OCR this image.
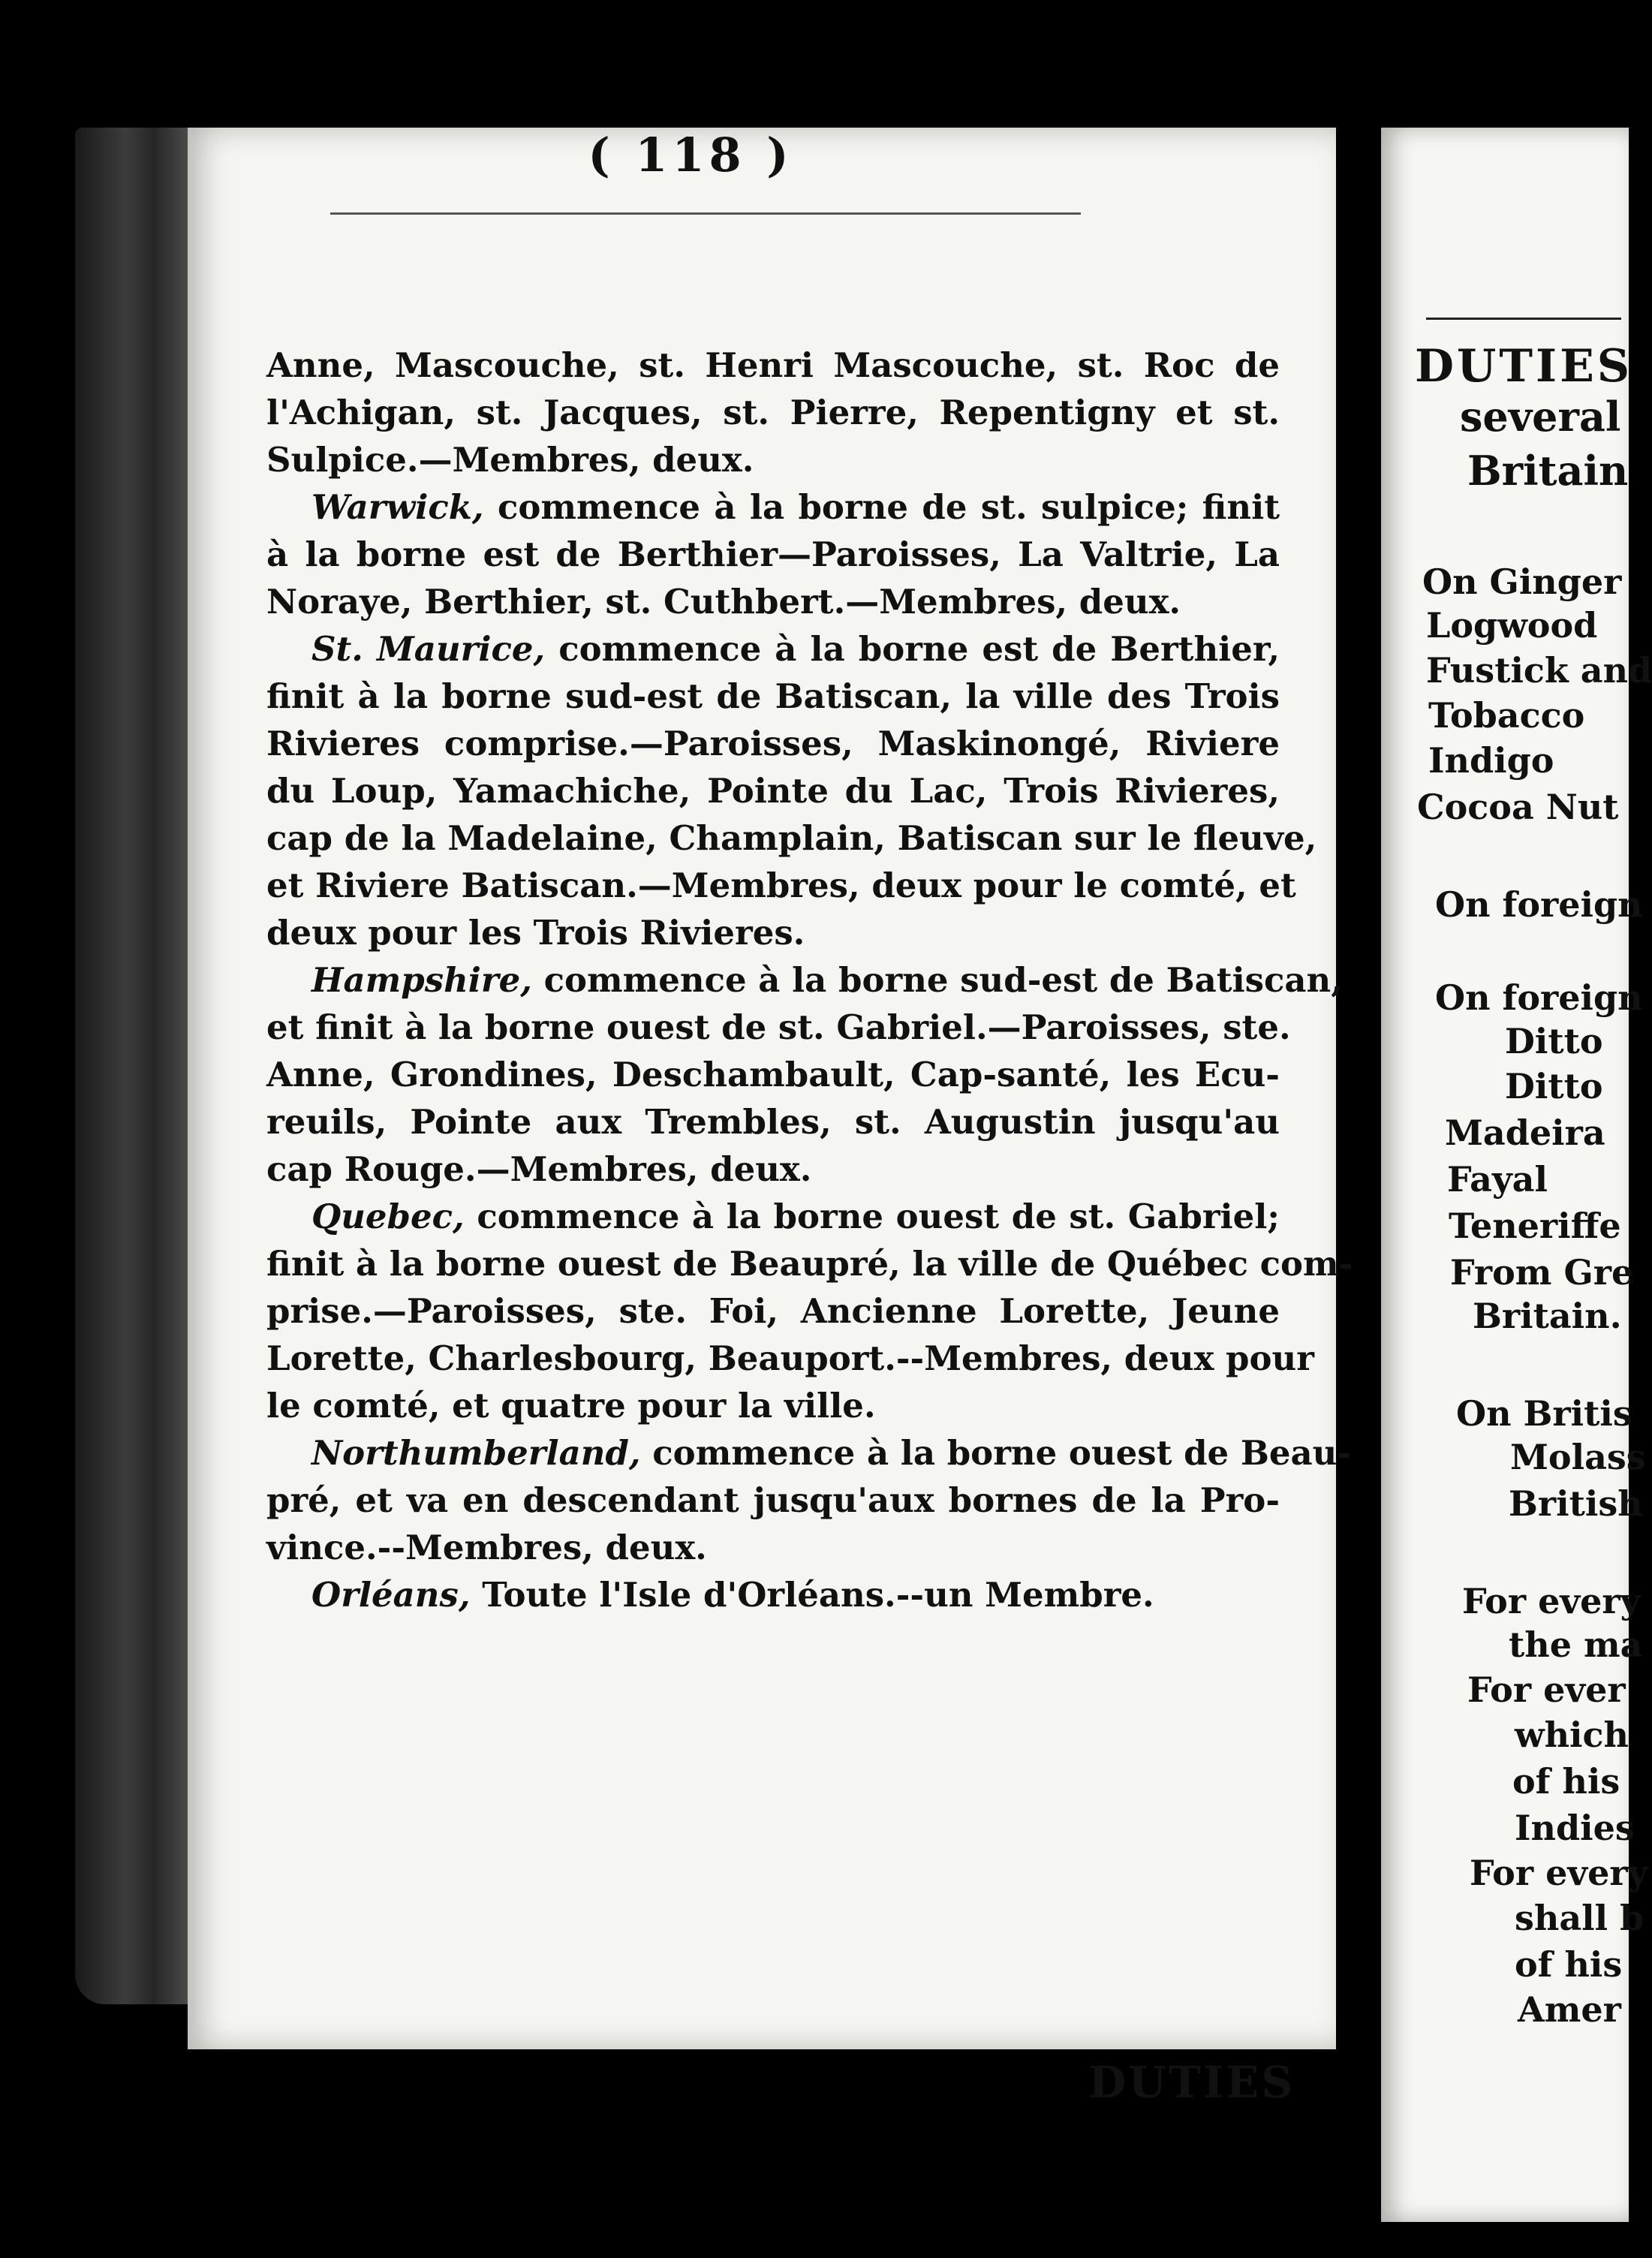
( 118 )
Anne, Mascouche, st. Henri Mascouche, st. Roc de
l'Achigan, st. Jacques, st. Pierre, Repentigny et st.
Sulpice.—Membres, deux.
Warwick, commence à la borne de st. sulpice; finit
à la borne est de Berthier—Paroisses, La Valtrie, La
Noraye, Berthier, st. Cuthbert.—Membres, deux.
St. Maurice, commence à la borne est de Berthier,
finit à la borne sud-est de Batiscan, la ville des Trois
Rivieres comprise.—Paroisses, Maskinongé, Riviere
du Loup, Yamachiche, Pointe du Lac, Trois Rivieres,
cap de la Madelaine, Champlain, Batiscan sur le fleuve,
et Riviere Batiscan.—Membres, deux pour le comté, et
deux pour les Trois Rivieres.
Hampshire, commence à la borne sud-est de Batiscan,
et finit à la borne ouest de st. Gabriel.—Paroisses, ste.
Anne, Grondines, Deschambault, Cap-santé, les Ecu-
reuils, Pointe aux Trembles, st. Augustin jusqu'au
cap Rouge.—Membres, deux.
Quebec, commence à la borne ouest de st. Gabriel;
finit à la borne ouest de Beaupré, la ville de Québec com-
prise.—Paroisses, ste. Foi, Ancienne Lorette, Jeune
Lorette, Charlesbourg, Beauport.--Membres, deux pour
le comté, et quatre pour la ville.
Northumberland, commence à la borne ouest de Beau-
pré, et va en descendant jusqu'aux bornes de la Pro-
vince.--Membres, deux.
Orléans, Toute l'Isle d'Orléans.--un Membre.
DUTIES
DUTIES
several
Britain
On Ginger
Logwood
Fustick and
Tobacco
Indigo
Cocoa Nut
On foreign
On foreign
Ditto
Ditto
Madeira
Fayal
Teneriffe
From Gre
Britain.
On Britis
Molass
British
For every
the ma
For ever
which
of his
Indies
For every
shall b
of his
Amer
